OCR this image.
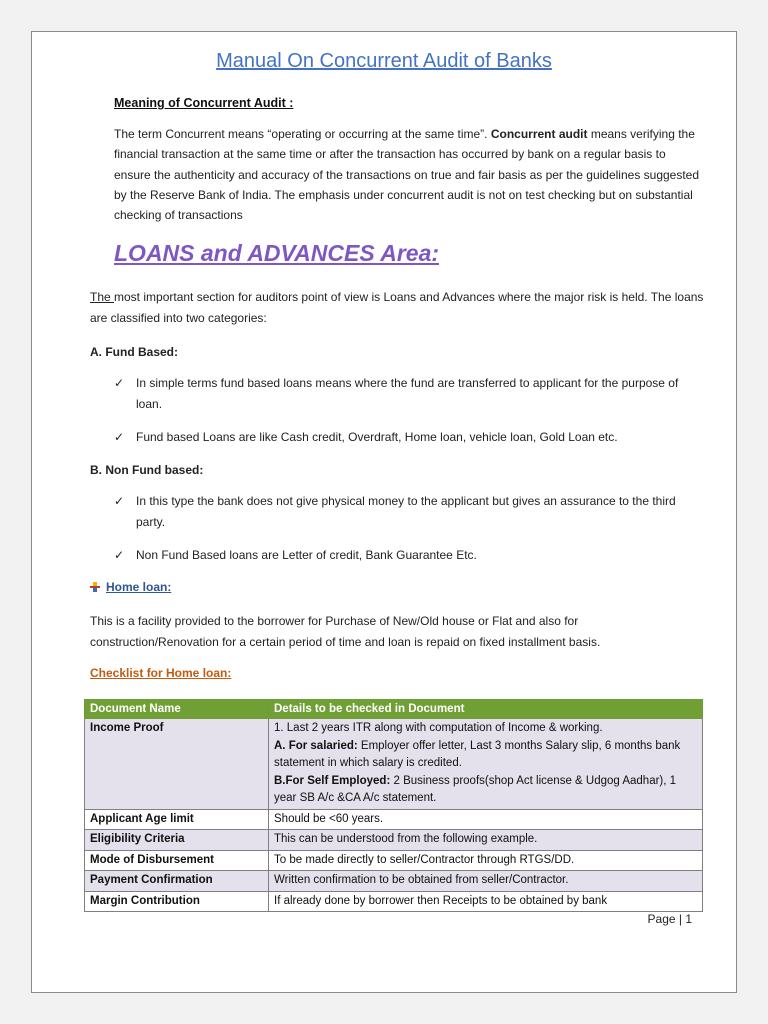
Manual On Concurrent Audit of Banks
Meaning of Concurrent Audit :
The term Concurrent means “operating or occurring at the same time”. Concurrent audit means verifying the financial transaction at the same time or after the transaction has occurred by bank on a regular basis to ensure the authenticity and accuracy of the transactions on true and fair basis as per the guidelines suggested by the Reserve Bank of India. The emphasis under concurrent audit is not on test checking but on substantial checking of transactions
LOANS and ADVANCES Area:
The most important section for auditors point of view is Loans and Advances where the major risk is held. The loans are classified into two categories:
A. Fund Based:
✓ In simple terms fund based loans means where the fund are transferred to applicant for the purpose of loan.
✓ Fund based Loans are like Cash credit, Overdraft, Home loan, vehicle loan, Gold Loan etc.
B. Non Fund based:
✓ In this type the bank does not give physical money to the applicant but gives an assurance to the third party.
✓ Non Fund Based loans are Letter of credit, Bank Guarantee Etc.
Home loan:
This is a facility provided to the borrower for Purchase of New/Old house or Flat and also for construction/Renovation for a certain period of time and loan is repaid on fixed installment basis.
Checklist for Home loan:
Document Name	Details to be checked in Document
Income Proof	1. Last 2 years ITR along with computation of Income & working.
A. For salaried: Employer offer letter, Last 3 months Salary slip, 6 months bank statement in which salary is credited.
B.For Self Employed: 2 Business proofs(shop Act license & Udgog Aadhar), 1 year SB A/c &CA A/c statement.

Applicant Age limit	Should be <60 years.
Eligibility Criteria	This can be understood from the following example.
Mode of Disbursement	To be made directly to seller/Contractor through RTGS/DD.
Payment Confirmation	Written confirmation to be obtained from seller/Contractor.
Margin Contribution	If already done by borrower then Receipts to be obtained by bank
Page | 1
